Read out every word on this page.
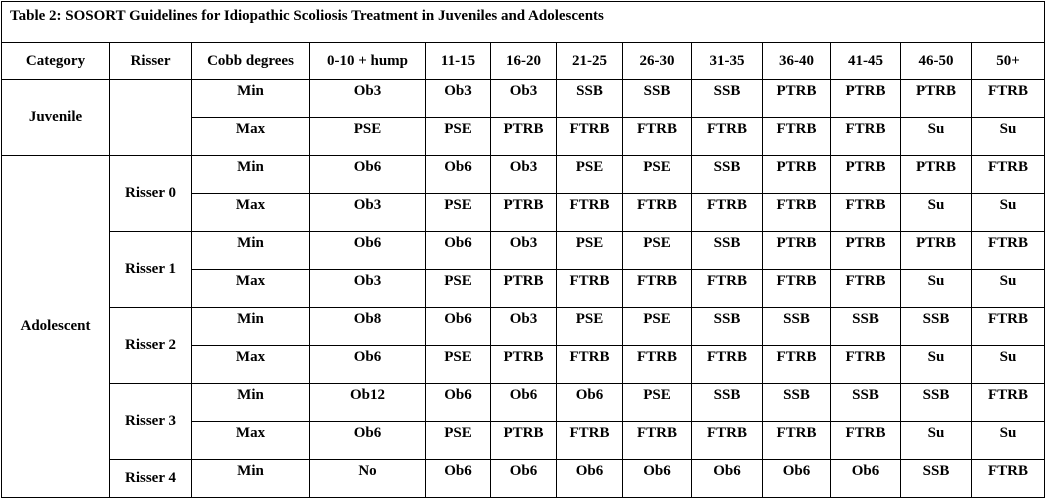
Table 2: SOSORT Guidelines for Idiopathic Scoliosis Treatment in Juveniles and Adolescents												
Category	Risser	Cobb degrees	0-10 + hump	11-15	16-20	21-25	26-30	31-35	36-40	41-45	46-50	50+
Juvenile		Min	Ob3	Ob3	Ob3	SSB	SSB	SSB	PTRB	PTRB	PTRB	FTRB
		Max	PSE	PSE	PTRB	FTRB	FTRB	FTRB	FTRB	FTRB	Su	Su
Adolescent	Risser 0	Min	Ob6	Ob6	Ob3	PSE	PSE	SSB	PTRB	PTRB	PTRB	FTRB
		Max	Ob3	PSE	PTRB	FTRB	FTRB	FTRB	FTRB	FTRB	Su	Su
	Risser 1	Min	Ob6	Ob6	Ob3	PSE	PSE	SSB	PTRB	PTRB	PTRB	FTRB
		Max	Ob3	PSE	PTRB	FTRB	FTRB	FTRB	FTRB	FTRB	Su	Su
	Risser 2	Min	Ob8	Ob6	Ob3	PSE	PSE	SSB	SSB	SSB	SSB	FTRB
		Max	Ob6	PSE	PTRB	FTRB	FTRB	FTRB	FTRB	FTRB	Su	Su
	Risser 3	Min	Ob12	Ob6	Ob6	Ob6	PSE	SSB	SSB	SSB	SSB	FTRB
		Max	Ob6	PSE	PTRB	FTRB	FTRB	FTRB	FTRB	FTRB	Su	Su
	Risser 4	Min	No	Ob6	Ob6	Ob6	Ob6	Ob6	Ob6	Ob6	SSB	FTRB
